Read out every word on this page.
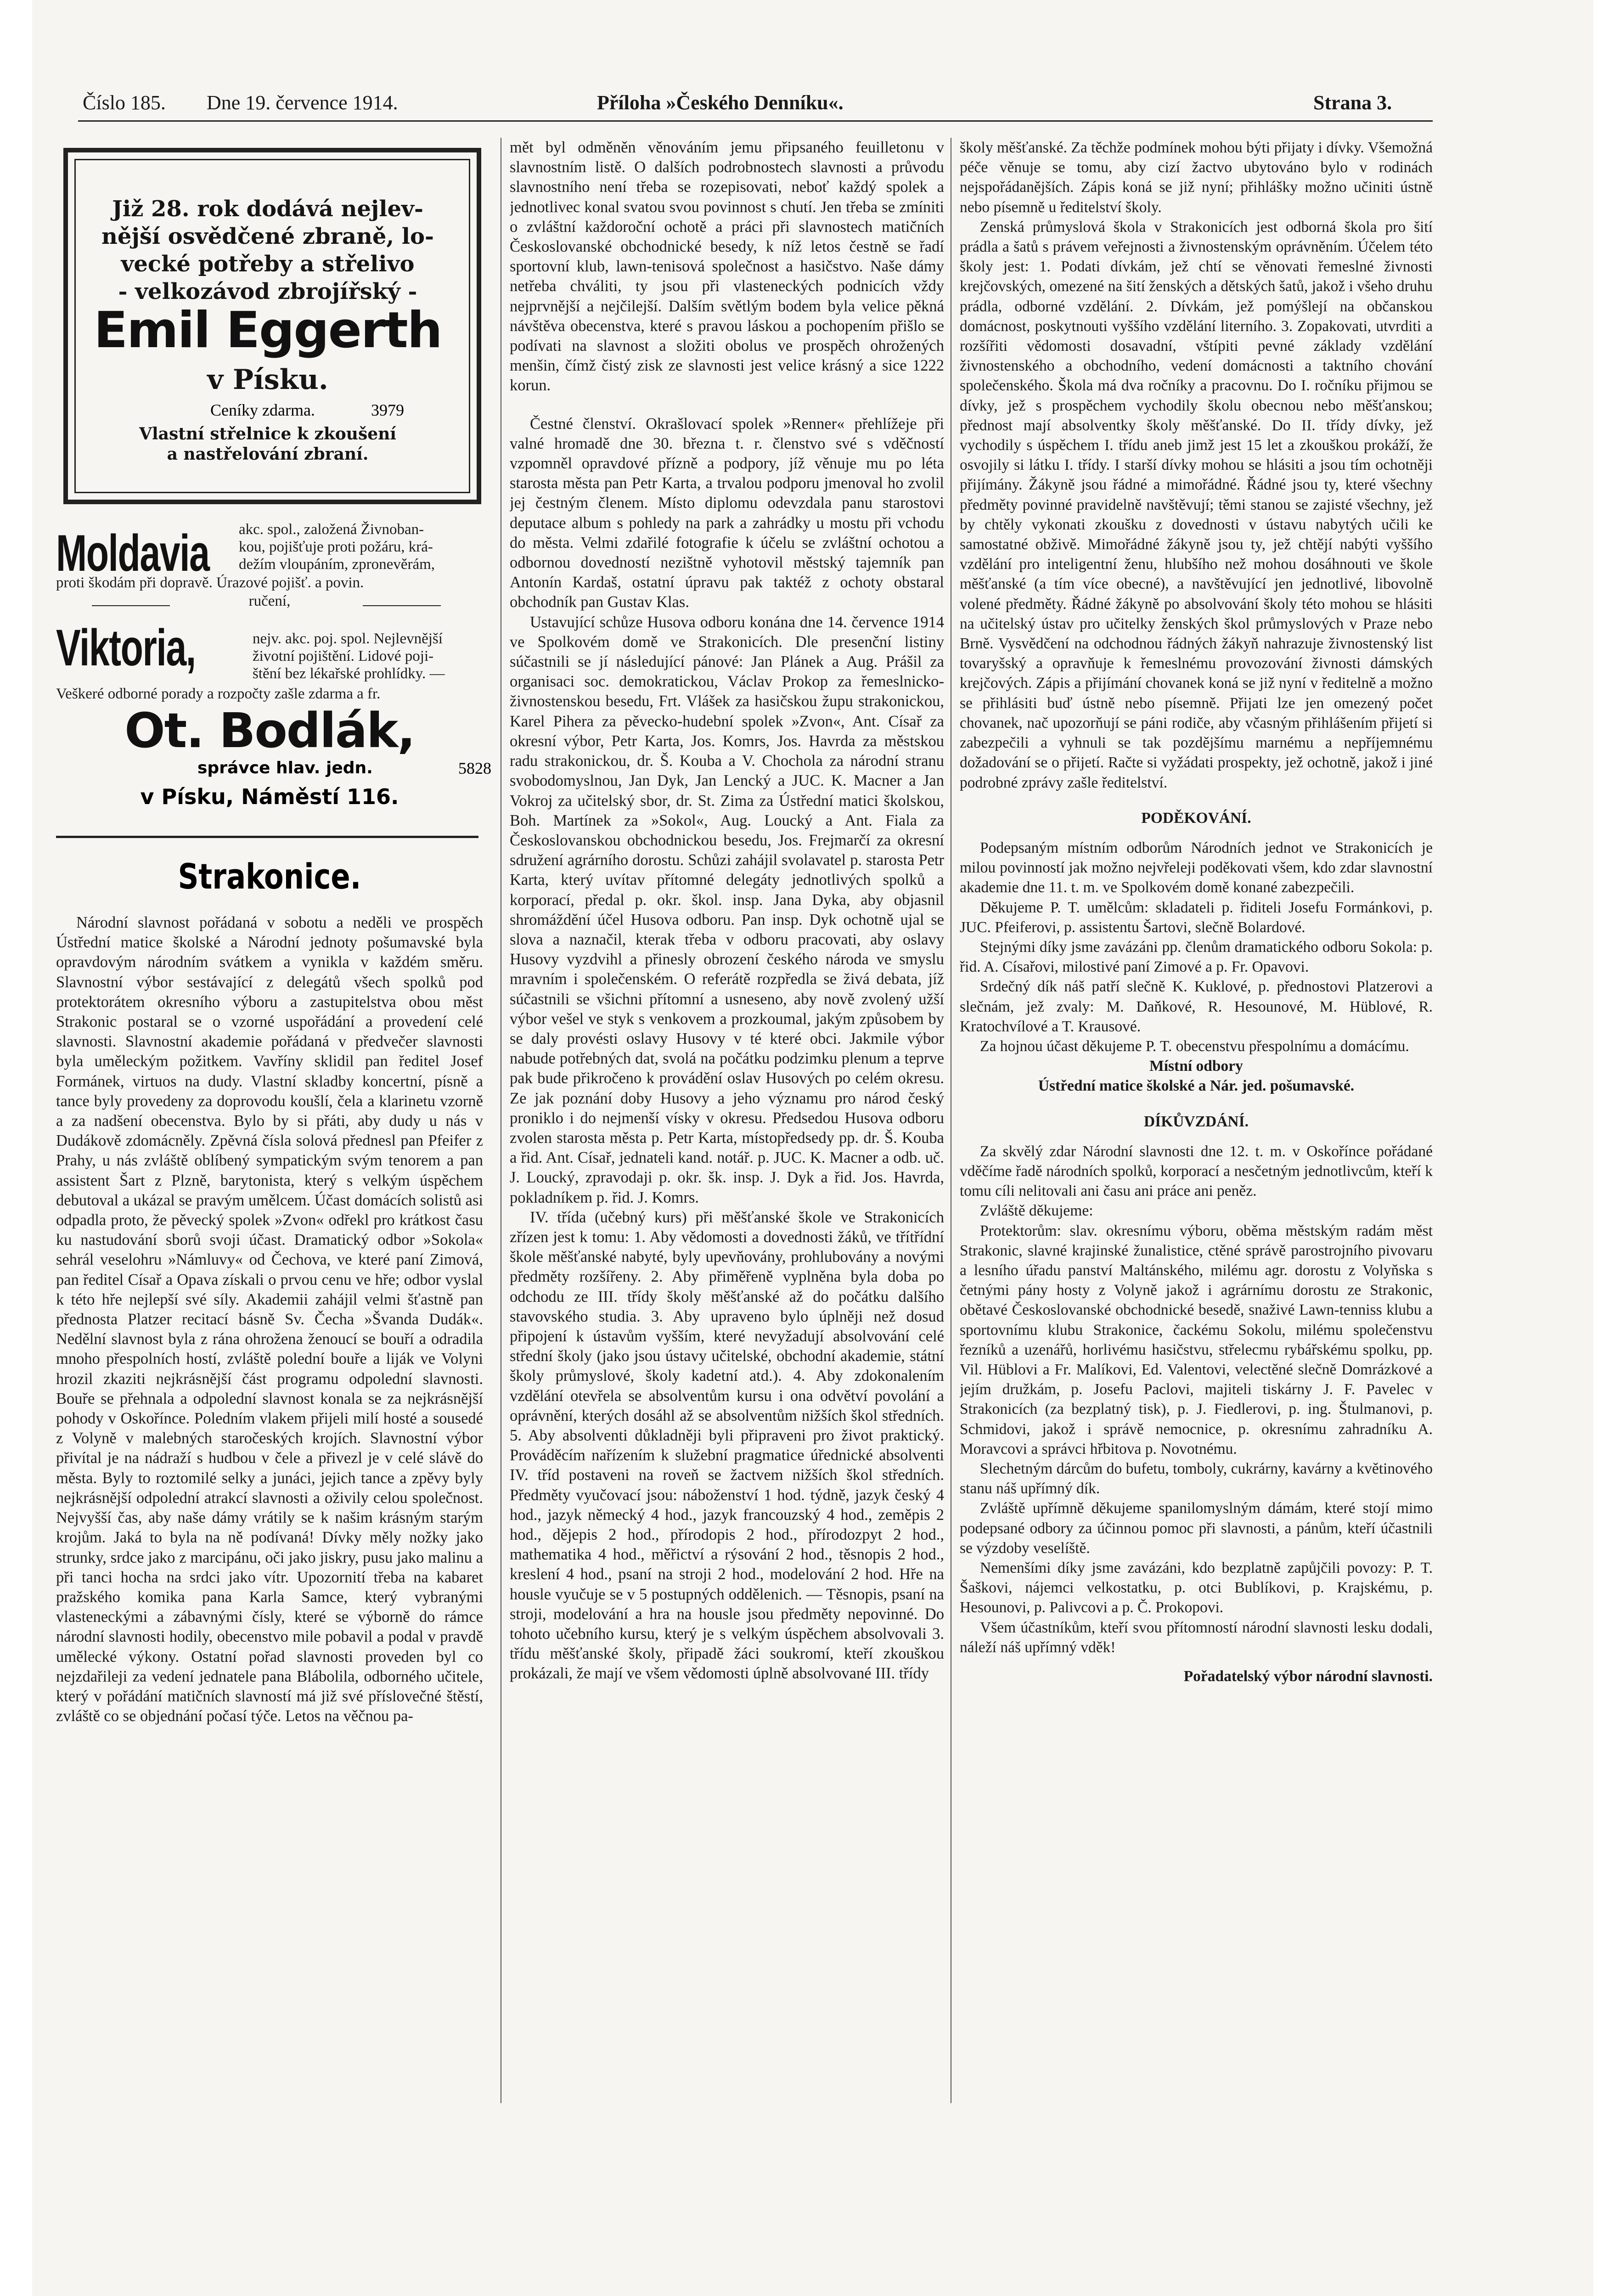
Číslo 185. Dne 19. července 1914.	Příloha »Českého Denníku«.	Strana 3.
Již 28. rok dodává nejlev-
nější osvědčené zbraně, lo-
vecké potřeby a střelivo
- velkozávod zbrojířský -
Emil Eggerth
v Písku.
Ceníky zdarma.	3979
Vlastní střelnice k zkoušení
a nastřelování zbraní.
Moldavia akc. spol., založená Živnoban-
kou, pojišťuje proti požáru, krá-
dežím vloupáním, zpronevěrám,
proti škodám při dopravě. Úrazové pojišť. a povin.
ručení,
Viktoria,	nejv. akc. poj. spol. Nejlevnější
životní pojištění. Lidové poji-
štění bez lékařské prohlídky. —
Veškeré odborné porady a rozpočty zašle zdarma a fr.
Ot. Bodlák,
správce hlav. jedn.	5828
v Písku, Náměstí 116.
Strakonice.

Národní slavnost pořádaná v sobotu a neděli ve prospěch Ústřední matice školské a Národní jednoty pošumavské byla opravdovým národním svátkem a vynikla v každém směru. Slavnostní výbor sestávající z delegátů všech spolků pod protektorátem okresního výboru a zastupitelstva obou měst Strakonic postaral se o vzorné uspořádání a provedení celé slavnosti. Slavnostní akademie pořádaná v předvečer slavnosti byla uměleckým požitkem. Vavříny sklidil pan ředitel Josef Formánek, virtuos na dudy. Vlastní skladby koncertní, písně a tance byly provedeny za doprovodu koušlí, čela a klarinetu vzorně a za nadšení obecenstva. Bylo by si přáti, aby dudy u nás v Dudákově zdomácněly. Zpěvná čísla solová přednesl pan Pfeifer z Prahy, u nás zvláště oblíbený sympatickým svým tenorem a pan assistent Šart z Plzně, barytonista, který s velkým úspěchem debutoval a ukázal se pravým umělcem. Účast domácích solistů asi odpadla proto, že pěvecký spolek »Zvon« odřekl pro krátkost času ku nastudování sborů svoji účast. Dramatický odbor »Sokola« sehrál veselohru »Námluvy« od Čechova, ve které paní Zimová, pan ředitel Císař a Opava získali o prvou cenu ve hře; odbor vyslal k této hře nejlepší své síly. Akademii zahájil velmi šťastně pan přednosta Platzer recitací básně Sv. Čecha »Švanda Dudák«. Nedělní slavnost byla z rána ohrožena ženoucí se bouří a odradila mnoho přespolních hostí, zvláště polední bouře a liják ve Volyni hrozil zkaziti nejkrásnější část programu odpolední slavnosti. Bouře se přehnala a odpolední slavnost konala se za nejkrásnější pohody v Oskořínce. Poledním vlakem přijeli milí hosté a sousedé z Volyně v malebných staročeských krojích. Slavnostní výbor přivítal je na nádraží s hudbou v čele a přivezl je v celé slávě do města. Byly to roztomilé selky a junáci, jejich tance a zpěvy byly nejkrásnější odpolední atrakcí slavnosti a oživily celou společnost. Nejvyšší čas, aby naše dámy vrátily se k našim krásným starým krojům. Jaká to byla na ně podívaná! Dívky měly nožky jako strunky, srdce jako z marcipánu, oči jako jiskry, pusu jako malinu a při tanci hocha na srdci jako vítr. Upozornití třeba na kabaret pražského komika pana Karla Samce, který vybranými vlasteneckými a zábavnými čísly, které se výborně do rámce národní slavnosti hodily, obecenstvo mile pobavil a podal v pravdě umělecké výkony. Ostatní pořad slavnosti proveden byl co nejzdařileji za vedení jednatele pana Blábolila, odborného učitele, který v pořádání matičních slavností má již své příslovečné štěstí, zvláště co se objednání počasí týče. Letos na věčnou pa-

mět byl odměněn věnováním jemu připsaného feuilletonu v slavnostním listě. O dalších podrobnostech slavnosti a průvodu slavnostního není třeba se rozepisovati, neboť každý spolek a jednotlivec konal svatou svou povinnost s chutí. Jen třeba se zmíniti o zvláštní každoroční ochotě a práci při slavnostech matičních Českoslovanské obchodnické besedy, k níž letos čestně se řadí sportovní klub, lawn-tenisová společnost a hasičstvo. Naše dámy netřeba chváliti, ty jsou při vlasteneckých podnicích vždy nejprvnější a nejčilejší. Dalším světlým bodem byla velice pěkná návštěva obecenstva, které s pravou láskou a pochopením přišlo se podívati na slavnost a složiti obolus ve prospěch ohrožených menšin, čímž čistý zisk ze slavnosti jest velice krásný a sice 1222 korun.

Čestné členství. Okrašlovací spolek »Renner« přehlížeje při valné hromadě dne 30. března t. r. členstvo své s vděčností vzpomněl opravdové přízně a podpory, jíž věnuje mu po léta starosta města pan Petr Karta, a trvalou podporu jmenoval ho zvolil jej čestným členem. Místo diplomu odevzdala panu starostovi deputace album s pohledy na park a zahrádky u mostu při vchodu do města. Velmi zdařilé fotografie k účelu se zvláštní ochotou a odbornou dovedností nezištně vyhotovil městský tajemník pan Antonín Kardaš, ostatní úpravu pak taktéž z ochoty obstaral obchodník pan Gustav Klas.

Ustavující schůze Husova odboru konána dne 14. července 1914 ve Spolkovém domě ve Strakonicích. Dle presenční listiny súčastnili se jí následující pánové: Jan Plánek a Aug. Prášil za organisaci soc. demokratickou, Václav Prokop za řemeslnicko-živnostenskou besedu, Frt. Vlášek za hasičskou župu strakonickou, Karel Pihera za pěvecko-hudební spolek »Zvon«, Ant. Císař za okresní výbor, Petr Karta, Jos. Komrs, Jos. Havrda za městskou radu strakonickou, dr. Š. Kouba a V. Chochola za národní stranu svobodomyslnou, Jan Dyk, Jan Lencký a JUC. K. Macner a Jan Vokroj za učitelský sbor, dr. St. Zima za Ústřední matici školskou, Boh. Martínek za »Sokol«, Aug. Loucký a Ant. Fiala za Českoslovanskou obchodnickou besedu, Jos. Frejmarčí za okresní sdružení agrárního dorostu. Schůzi zahájil svolavatel p. starosta Petr Karta, který uvítav přítomné delegáty jednotlivých spolků a korporací, předal p. okr. škol. insp. Jana Dyka, aby objasnil shromáždění účel Husova odboru. Pan insp. Dyk ochotně ujal se slova a naznačil, kterak třeba v odboru pracovati, aby oslavy Husovy vyzdvihl a přinesly obrození českého národa ve smyslu mravním i společenském. O referátě rozpředla se živá debata, jíž súčastnili se všichni přítomní a usneseno, aby nově zvolený užší výbor vešel ve styk s venkovem a prozkoumal, jakým způsobem by se daly provésti oslavy Husovy v té které obci. Jakmile výbor nabude potřebných dat, svolá na počátku podzimku plenum a teprve pak bude přikročeno k provádění oslav Husových po celém okresu. Ze jak poznání doby Husovy a jeho významu pro národ český proniklo i do nejmenší vísky v okresu. Předsedou Husova odboru zvolen starosta města p. Petr Karta, místopředsedy pp. dr. Š. Kouba a řid. Ant. Císař, jednateli kand. notář. p. JUC. K. Macner a odb. uč. J. Loucký, zpravodaji p. okr. šk. insp. J. Dyk a řid. Jos. Havrda, pokladníkem p. řid. J. Komrs.

IV. třída (učebný kurs) při měšťanské škole ve Strakonicích zřízen jest k tomu: 1. Aby vědomosti a dovednosti žáků, ve třítřídní škole měšťanské nabyté, byly upevňovány, prohlubovány a novými předměty rozšířeny. 2. Aby přiměřeně vyplněna byla doba po odchodu ze III. třídy školy měšťanské až do počátku dalšího stavovského studia. 3. Aby upraveno bylo úplněji než dosud připojení k ústavům vyšším, které nevyžadují absolvování celé střední školy (jako jsou ústavy učitelské, obchodní akademie, státní školy průmyslové, školy kadetní atd.). 4. Aby zdokonalením vzdělání otevřela se absolventům kursu i ona odvětví povolání a oprávnění, kterých dosáhl až se absolventům nižších škol středních. 5. Aby absolventi důkladněji byli připraveni pro život praktický. Prováděcím nařízením k služební pragmatice úřednické absolventi IV. tříd postaveni na roveň se žactvem nižších škol středních. Předměty vyučovací jsou: náboženství 1 hod. týdně, jazyk český 4 hod., jazyk německý 4 hod., jazyk francouzský 4 hod., zeměpis 2 hod., dějepis 2 hod., přírodopis 2 hod., přírodozpyt 2 hod., mathematika 4 hod., měřictví a rýsování 2 hod., těsnopis 2 hod., kreslení 4 hod., psaní na stroji 2 hod., modelování 2 hod. Hře na housle vyučuje se v 5 postupných oddělenich. — Těsnopis, psaní na stroji, modelování a hra na housle jsou předměty nepovinné. Do tohoto učebního kursu, který je s velkým úspěchem absolvovali 3. třídu měšťanské školy, připadě žáci soukromí, kteří zkouškou prokázali, že mají ve všem vědomosti úplně absolvované III. třídy

školy měšťanské. Za těchže podmínek mohou býti přijaty i dívky. Všemožná péče věnuje se tomu, aby cizí žactvo ubytováno bylo v rodinách nejspořádanějších. Zápis koná se již nyní; přihlášky možno učiniti ústně nebo písemně u ředitelství školy.

Zenská průmyslová škola v Strakonicích jest odborná škola pro šití prádla a šatů s právem veřejnosti a živnostenským oprávněním. Účelem této školy jest: 1. Podati dívkám, jež chtí se věnovati řemeslné živnosti krejčovských, omezené na šití ženských a dětských šatů, jakož i všeho druhu prádla, odborné vzdělání. 2. Dívkám, jež pomýšlejí na občanskou domácnost, poskytnouti vyššího vzdělání literního. 3. Zopakovati, utvrditi a rozšířiti vědomosti dosavadní, vštípiti pevné základy vzdělání živnostenského a obchodního, vedení domácnosti a taktního chování společenského. Škola má dva ročníky a pracovnu. Do I. ročníku přijmou se dívky, jež s prospěchem vychodily školu obecnou nebo měšťanskou; přednost mají absolventky školy měšťanské. Do II. třídy dívky, jež vychodily s úspěchem I. třídu aneb jimž jest 15 let a zkouškou prokáží, že osvojily si látku I. třídy. I starší dívky mohou se hlásiti a jsou tím ochotněji přijímány. Žákyně jsou řádné a mimořádné. Řádné jsou ty, které všechny předměty povinné pravidelně navštěvují; těmi stanou se zajisté všechny, jež by chtěly vykonati zkoušku z dovednosti v ústavu nabytých učili ke samostatné obživě. Mimořádné žákyně jsou ty, jež chtějí nabýti vyššího vzdělání pro inteligentní ženu, hlubšího než mohou dosáhnouti ve škole měšťanské (a tím více obecné), a navštěvující jen jednotlivé, libovolně volené předměty. Řádné žákyně po absolvování školy této mohou se hlásiti na učitelský ústav pro učitelky ženských škol průmyslových v Praze nebo Brně. Vysvědčení na odchodnou řádných žákyň nahrazuje živnostenský list tovaryšský a opravňuje k řemeslnému provozování živnosti dámských krejčových. Zápis a přijímání chovanek koná se již nyní v ředitelně a možno se přihlásiti buď ústně nebo písemně. Přijati lze jen omezený počet chovanek, nač upozorňují se páni rodiče, aby včasným přihlášením přijetí si zabezpečili a vyhnuli se tak pozdějšímu marnému a nepříjemnému dožadování se o přijetí. Račte si vyžádati prospekty, jež ochotně, jakož i jiné podrobné zprávy zašle ředitelství.

PODĚKOVÁNÍ.

Podepsaným místním odborům Národních jednot ve Strakonicích je milou povinností jak možno nejvřeleji poděkovati všem, kdo zdar slavnostní akademie dne 11. t. m. ve Spolkovém domě konané zabezpečili.

Děkujeme P. T. umělcům: skladateli p. řiditeli Josefu Formánkovi, p. JUC. Pfeiferovi, p. assistentu Šartovi, slečně Bolardové.

Stejnými díky jsme zavázáni pp. členům dramatického odboru Sokola: p. řid. A. Císařovi, milostivé paní Zimové a p. Fr. Opavovi.

Srdečný dík náš patří slečně K. Kuklové, p. přednostovi Platzerovi a slečnám, jež zvaly: M. Daňkové, R. Hesounové, M. Hüblové, R. Kratochvílové a T. Krausové.

Za hojnou účast děkujeme P. T. obecenstvu přespolnímu a domácímu.

Místní odbory

Ústřední matice školské a Nár. jed. pošumavské.

DÍKŮVZDÁNÍ.

Za skvělý zdar Národní slavnosti dne 12. t. m. v Oskořínce pořádané vděčíme řadě národních spolků, korporací a nesčetným jednotlivcům, kteří k tomu cíli nelitovali ani času ani práce ani peněz.

Zvláště děkujeme:

Protektorům: slav. okresnímu výboru, oběma městským radám měst Strakonic, slavné krajinské žunalistice, ctěné správě parostrojního pivovaru a lesního úřadu panství Maltánského, milému agr. dorostu z Volyňska s četnými pány hosty z Volyně jakož i agrárnímu dorostu ze Strakonic, obětavé Českoslovanské obchodnické besedě, snaživé Lawn-tenniss klubu a sportovnímu klubu Strakonice, čackému Sokolu, milému společenstvu řezníků a uzenářů, horlivému hasičstvu, střelecmu rybářskému spolku, pp. Vil. Hüblovi a Fr. Malíkovi, Ed. Valentovi, velectěné slečně Domrázkové a jejím družkám, p. Josefu Paclovi, majiteli tiskárny J. F. Pavelec v Strakonicích (za bezplatný tisk), p. J. Fiedlerovi, p. ing. Štulmanovi, p. Schmidovi, jakož i správě nemocnice, p. okresnímu zahradníku A. Moravcovi a správci hřbitova p. Novotnému.

Slechetným dárcům do bufetu, tomboly, cukrárny, kavárny a květinového stanu náš upřímný dík.

Zvláště upřímně děkujeme spanilomyslným dámám, které stojí mimo podepsané odbory za účinnou pomoc při slavnosti, a pánům, kteří účastnili se výzdoby veselíště.

Nemenšími díky jsme zavázáni, kdo bezplatně zapůjčili povozy: P. T. Šaškovi, nájemci velkostatku, p. otci Bublíkovi, p. Krajskému, p. Hesounovi, p. Palivcovi a p. Č. Prokopovi.

Všem účastníkům, kteří svou přítomností národní slavnosti lesku dodali, náleží náš upřímný vděk!

Pořadatelský výbor národní slavnosti.
